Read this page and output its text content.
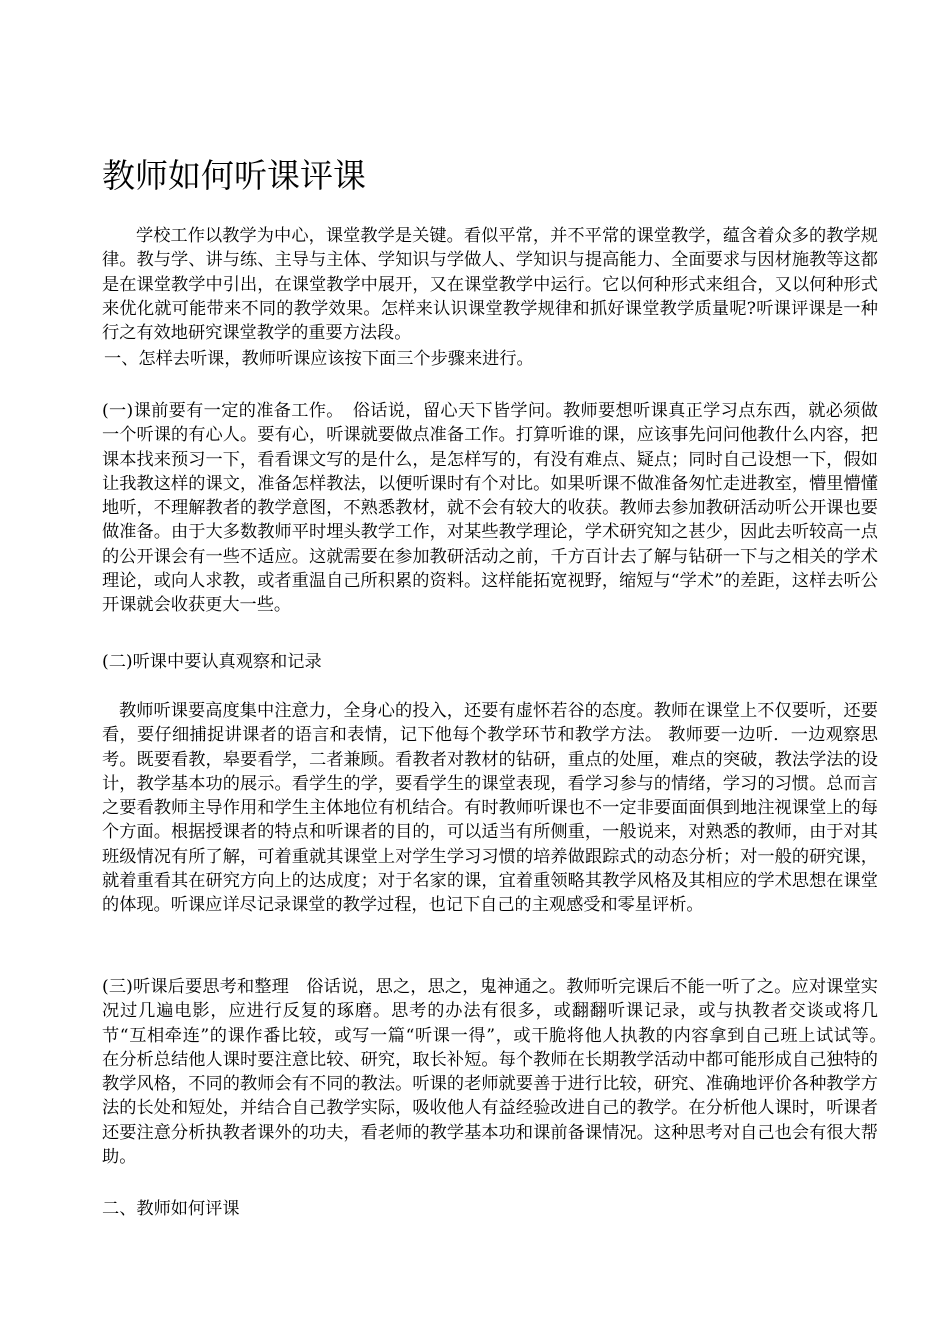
教师如何听课评课

学校工作以教学为中心，课堂教学是关键。看似平常，并不平常的课堂教学，蕴含着众多的教学规律。教与学、讲与练、主导与主体、学知识与学做人、学知识与提高能力、全面要求与因材施教等这都是在课堂教学中引出，在课堂教学中展开，又在课堂教学中运行。它以何种形式来组合，又以何种形式来优化就可能带来不同的教学效果。怎样来认识课堂教学规律和抓好课堂教学质量呢?听课评课是一种行之有效地研究课堂教学的重要方法段。

一、怎样去听课，教师听课应该按下面三个步骤来进行。

(一)课前要有一定的准备工作。　俗话说，留心天下皆学问。教师要想听课真正学习点东西，就必须做一个听课的有心人。要有心，听课就要做点准备工作。打算听谁的课，应该事先问问他教什么内容，把课本找来预习一下，看看课文写的是什么，是怎样写的，有没有难点、疑点；同时自己设想一下，假如让我教这样的课文，准备怎样教法，以便听课时有个对比。如果听课不做准备匆忙走进教室，懵里懵懂地听，不理解教者的教学意图，不熟悉教材，就不会有较大的收获。教师去参加教研活动听公开课也要做准备。由于大多数教师平时埋头教学工作，对某些教学理论，学术研究知之甚少，因此去听较高一点的公开课会有一些不适应。这就需要在参加教研活动之前，千方百计去了解与钻研一下与之相关的学术理论，或向人求教，或者重温自己所积累的资料。这样能拓宽视野，缩短与“学术”的差距，这样去听公开课就会收获更大一些。

(二)听课中要认真观察和记录

教师听课要高度集中注意力，全身心的投入，还要有虚怀若谷的态度。教师在课堂上不仅要听，还要看，要仔细捕捉讲课者的语言和表情，记下他每个教学环节和教学方法。 教师要一边听．一边观察思考。既要看教，皋要看学，二者兼顾。看教者对教材的钻研，重点的处厘，难点的突破，教法学法的设计，教学基本功的展示。看学生的学，要看学生的课堂表现，看学习参与的情绪，学习的习惯。总而言之要看教师主导作用和学生主体地位有机结合。有时教师听课也不一定非要面面俱到地注视课堂上的每个方面。根据授课者的特点和听课者的目的，可以适当有所侧重，一般说来，对熟悉的教师，由于对其班级情况有所了解，可着重就其课堂上对学生学习习惯的培养做跟踪式的动态分析；对一般的研究课，就着重看其在研究方向上的达成度；对于名家的课，宜着重领略其教学风格及其相应的学术思想在课堂的体现。听课应详尽记录课堂的教学过程，也记下自己的主观感受和零星评析。

(三)听课后要思考和整理　俗话说，思之，思之，鬼神通之。教师听完课后不能一听了之。应对课堂实况过几遍电影，应进行反复的琢磨。思考的办法有很多，或翻翻听课记录，或与执教者交谈或将几节“互相牵连”的课作番比较，或写一篇“听课一得”，或干脆将他人执教的内容拿到自己班上试试等。　在分析总结他人课时要注意比较、研究，取长补短。每个教师在长期教学活动中都可能形成自己独特的教学风格，不同的教师会有不同的教法。听课的老师就要善于进行比较，研究、准确地评价各种教学方法的长处和短处，并结合自己教学实际，吸收他人有益经验改进自己的教学。在分析他人课时，听课者还要注意分析执教者课外的功夫，看老师的教学基本功和课前备课情况。这种思考对自己也会有很大帮助。

二、教师如何评课
